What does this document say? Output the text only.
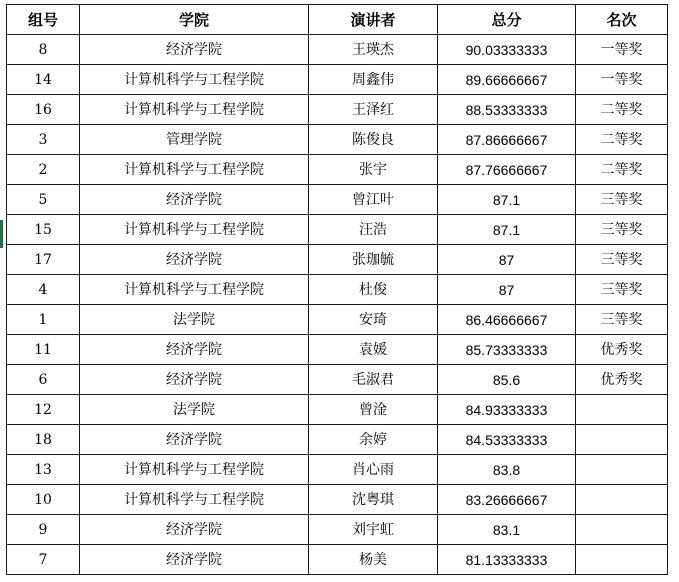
组号	学院	演讲者	总分	名次
8	经济学院	王瑛杰	90.03333333	一等奖
14	计算机科学与工程学院	周鑫伟	89.66666667	一等奖
16	计算机科学与工程学院	王泽红	88.53333333	二等奖
3	管理学院	陈俊良	87.86666667	二等奖
2	计算机科学与工程学院	张宇	87.76666667	二等奖
5	经济学院	曾江叶	87.1	三等奖
15	计算机科学与工程学院	汪浩	87.1	三等奖
17	经济学院	张珈毓	87	三等奖
4	计算机科学与工程学院	杜俊	87	三等奖
1	法学院	安琦	86.46666667	三等奖
11	经济学院	袁媛	85.73333333	优秀奖
6	经济学院	毛淑君	85.6	优秀奖
12	法学院	曾淦	84.93333333	
18	经济学院	余婷	84.53333333	
13	计算机科学与工程学院	肖心雨	83.8	
10	计算机科学与工程学院	沈粤琪	83.26666667	
9	经济学院	刘宇虹	83.1	
7	经济学院	杨美	81.13333333	
